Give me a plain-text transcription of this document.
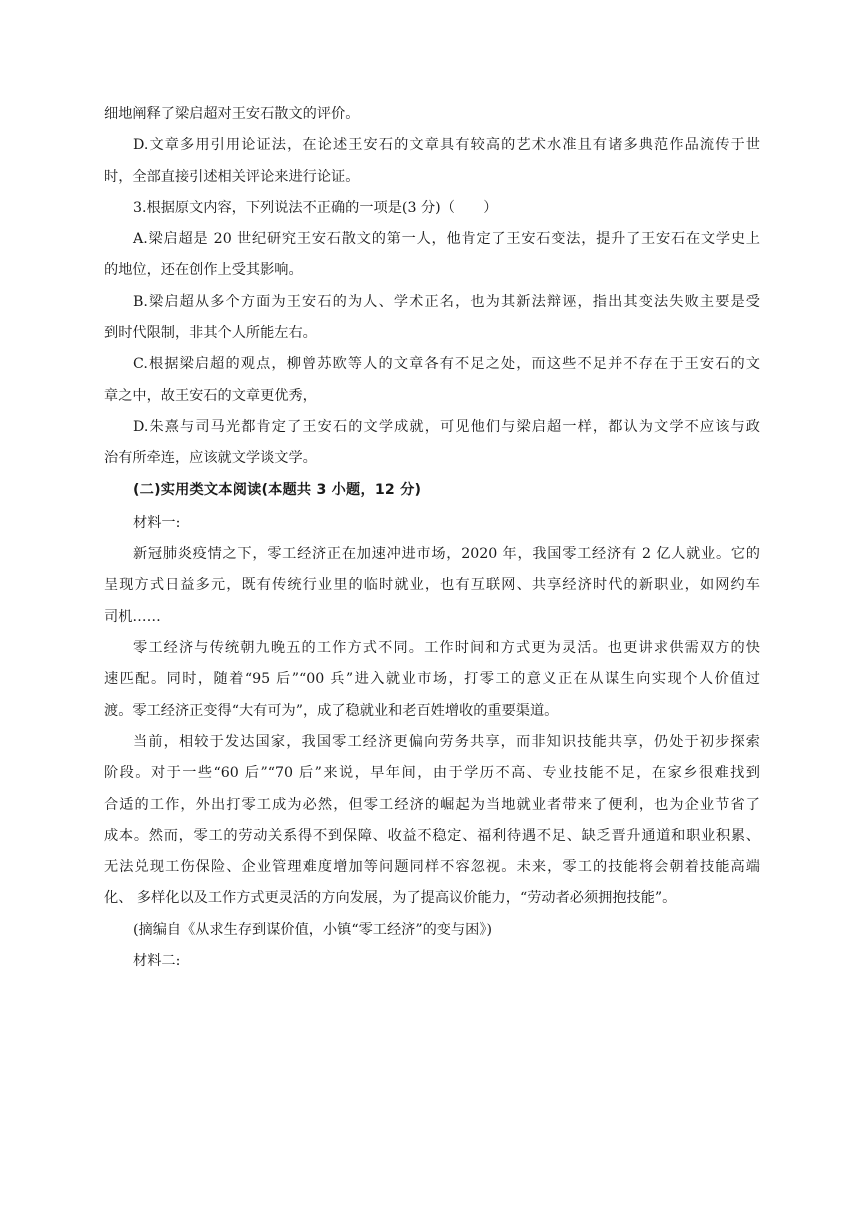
细地阐释了梁启超对王安石散文的评价。
D.文章多用引用论证法，在论述王安石的文章具有较高的艺术水准且有诸多典范作品流传于世
时，全部直接引述相关评论来进行论证。
3.根据原文内容，下列说法不正确的一项是(3 分)（　　）
A.梁启超是 20 世纪研究王安石散文的第一人，他肯定了王安石变法，提升了王安石在文学史上
的地位，还在创作上受其影响。
B.梁启超从多个方面为王安石的为人、学术正名，也为其新法辩诬，指出其变法失败主要是受
到时代限制，非其个人所能左右。
C.根据梁启超的观点，柳曾苏欧等人的文章各有不足之处，而这些不足并不存在于王安石的文
章之中，故王安石的文章更优秀，
D.朱熹与司马光都肯定了王安石的文学成就，可见他们与梁启超一样，都认为文学不应该与政
治有所牵连，应该就文学谈文学。
(二)实用类文本阅读(本题共 3 小题，12 分)
材料一:
新冠肺炎疫情之下，零工经济正在加速冲进市场，2020 年，我国零工经济有 2 亿人就业。它的
呈现方式日益多元，既有传统行业里的临时就业，也有互联网、共享经济时代的新职业，如网约车
司机……
零工经济与传统朝九晚五的工作方式不同。工作时间和方式更为灵活。也更讲求供需双方的快
速匹配。同时，随着“95 后”“00 兵”进入就业市场，打零工的意义正在从谋生向实现个人价值过
渡。零工经济正变得“大有可为”，成了稳就业和老百姓增收的重要渠道。
当前，相较于发达国家，我国零工经济更偏向劳务共享，而非知识技能共享，仍处于初步探索
阶段。对于一些“60 后”“70 后”来说，早年间，由于学历不高、专业技能不足，在家乡很难找到
合适的工作，外出打零工成为必然，但零工经济的崛起为当地就业者带来了便利，也为企业节省了
成本。然而，零工的劳动关系得不到保障、收益不稳定、福利待遇不足、缺乏晋升通道和职业积累、
无法兑现工伤保险、企业管理难度增加等问题同样不容忽视。未来，零工的技能将会朝着技能高端
化、 多样化以及工作方式更灵活的方向发展，为了提高议价能力，“劳动者必须拥抱技能”。
(摘编自《从求生存到谋价值，小镇“零工经济”的变与困》)
材料二:
